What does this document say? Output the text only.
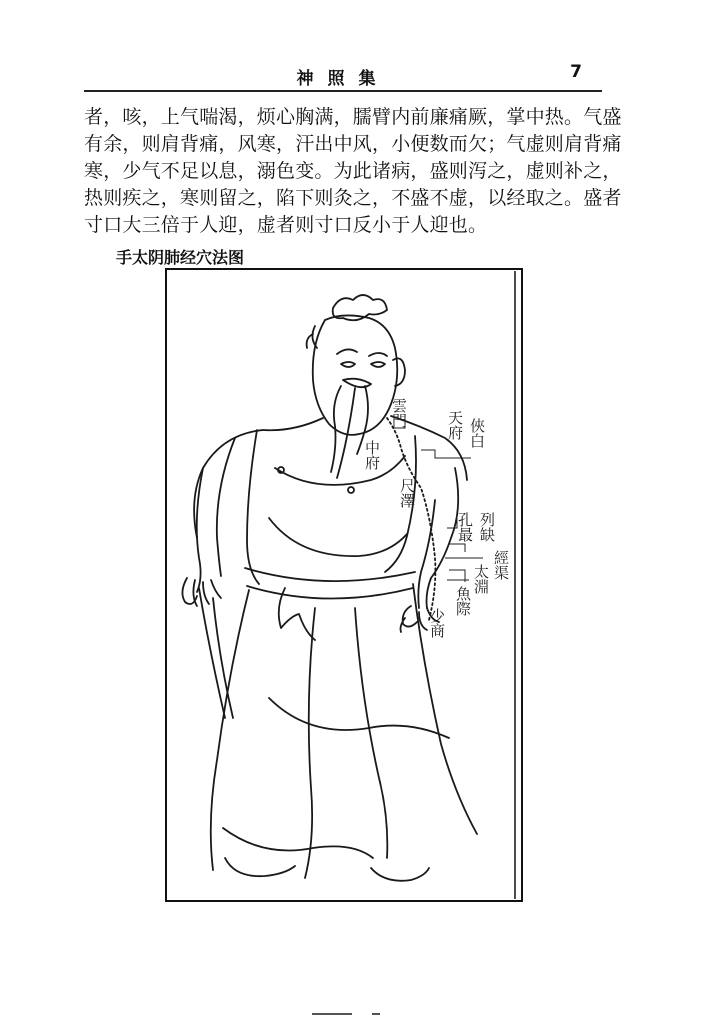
神照集	7
者，咳，上气喘渴，烦心胸满，臑臂内前廉痛厥，掌中热。气盛
有余，则肩背痛，风寒，汗出中风，小便数而欠；气虚则肩背痛
寒，少气不足以息，溺色变。为此诸病，盛则泻之，虚则补之，
热则疾之，寒则留之，陷下则灸之，不盛不虚，以经取之。盛者
寸口大三倍于人迎，虚者则寸口反小于人迎也。
手太阴肺经穴法图
雲門
中府
天府 俠白
尺澤
孔最 列缺
經渠
太淵
魚際
少商
